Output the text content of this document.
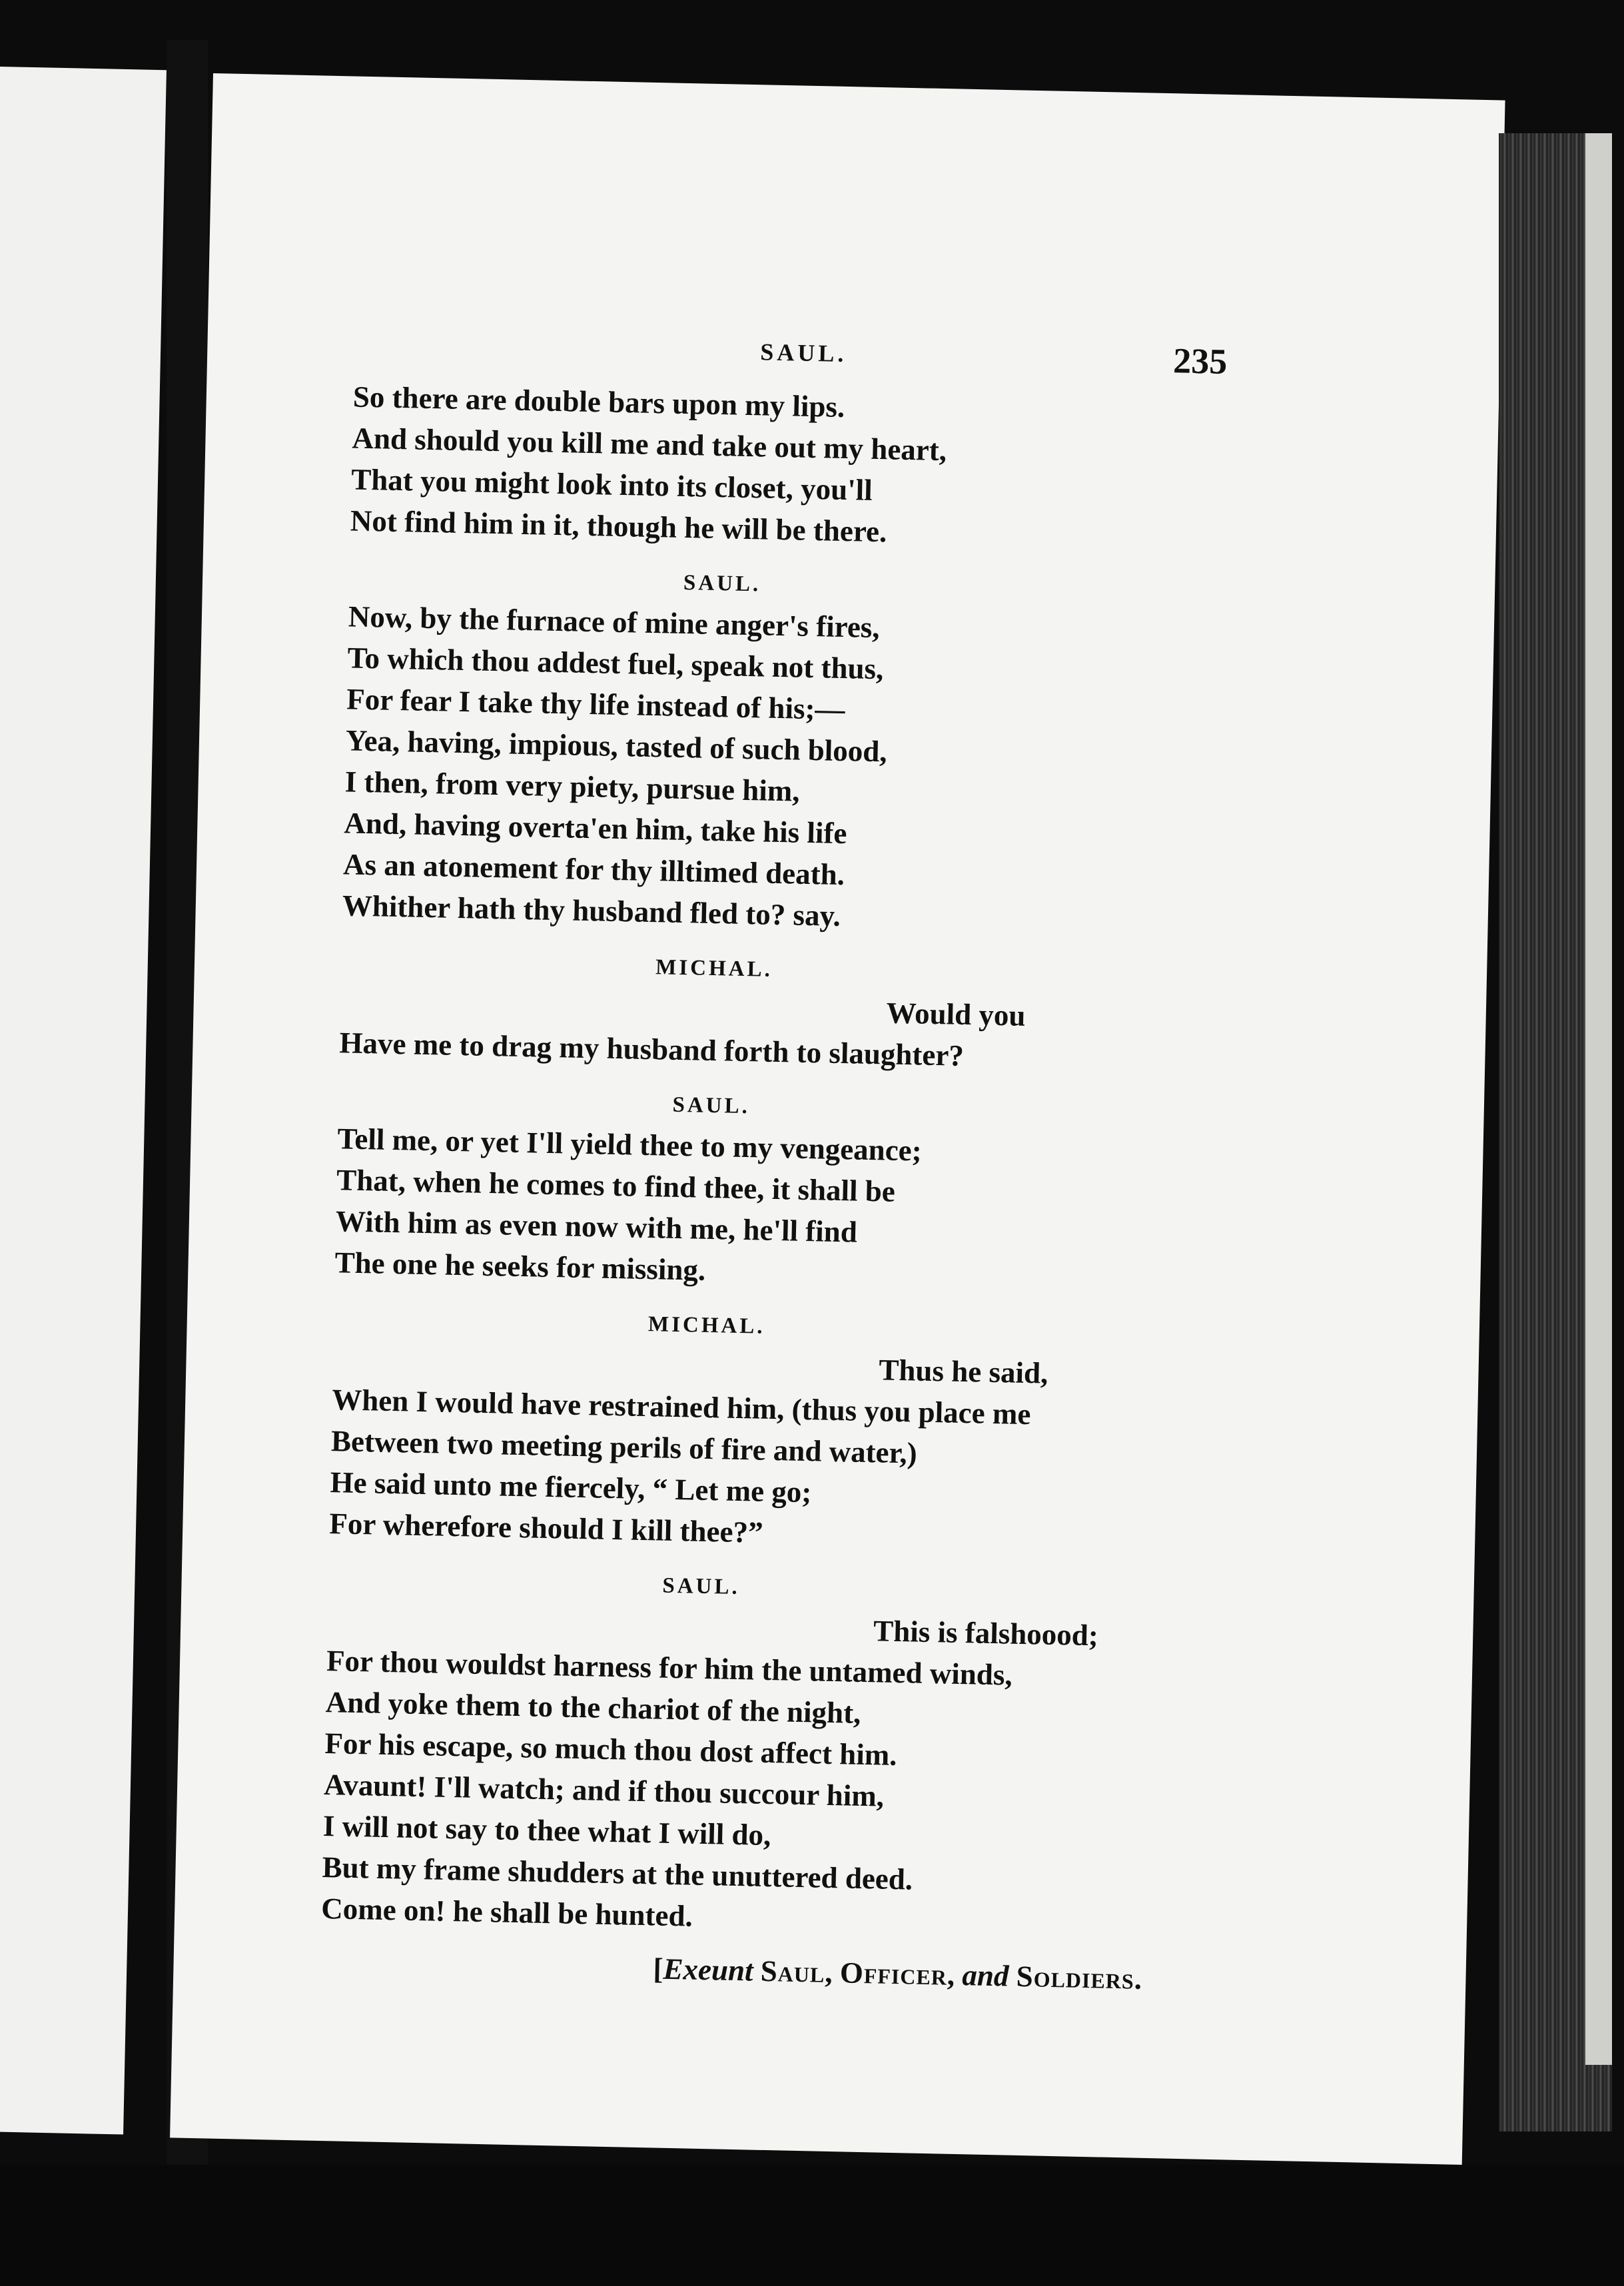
SAUL.	235
So there are double bars upon my lips.
And should you kill me and take out my heart,
That you might look into its closet, you'll
Not find him in it, though he will be there.
SAUL.
Now, by the furnace of mine anger's fires,
To which thou addest fuel, speak not thus,
For fear I take thy life instead of his;—
Yea, having, impious, tasted of such blood,
I then, from very piety, pursue him,
And, having overta'en him, take his life
As an atonement for thy illtimed death.
Whither hath thy husband fled to? say.
MICHAL.
Would you
Have me to drag my husband forth to slaughter?
SAUL.
Tell me, or yet I'll yield thee to my vengeance;
That, when he comes to find thee, it shall be
With him as even now with me, he'll find
The one he seeks for missing.
MICHAL.
Thus he said,
When I would have restrained him, (thus you place me
Between two meeting perils of fire and water,)
He said unto me fiercely, “ Let me go;
For wherefore should I kill thee?”
SAUL.
This is falshoood;
For thou wouldst harness for him the untamed winds,
And yoke them to the chariot of the night,
For his escape, so much thou dost affect him.
Avaunt! I'll watch; and if thou succour him,
I will not say to thee what I will do,
But my frame shudders at the unuttered deed.
Come on! he shall be hunted.
[Exeunt Saul, Officer, and Soldiers.
